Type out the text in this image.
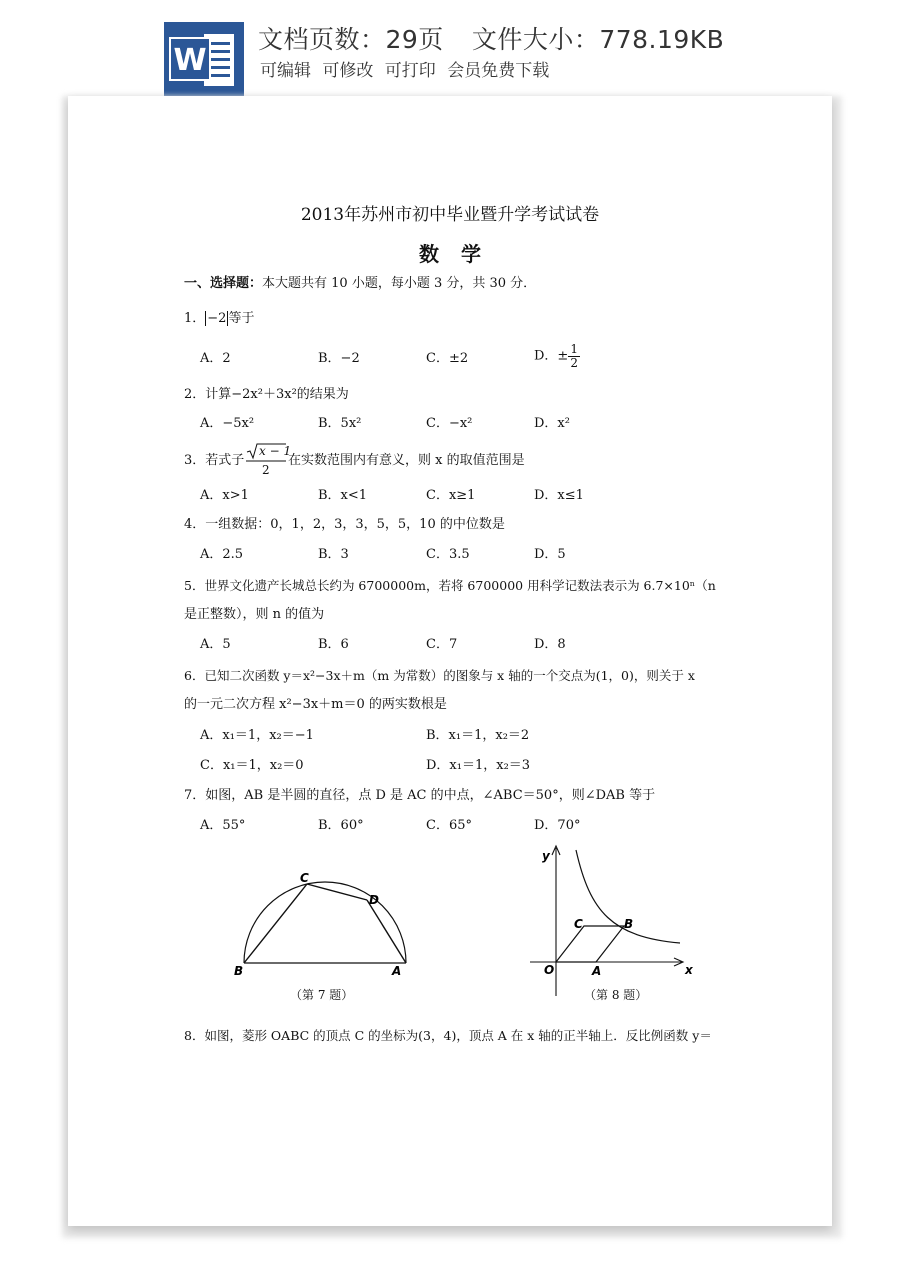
W
文档页数：29页 文件大小：778.19KB
可编辑 可修改 可打印 会员免费下载
2013年苏州市初中毕业暨升学考试试卷
数学
一、选择题：本大题共有 10 小题，每小题 3 分，共 30 分．
1． −2 等于
A．2	B．−2	C．±2	D．± $\frac{1}{2}$
2．计算−2x²＋3x²的结果为
A．−5x²	B．5x²	C．−x²	D．x²
3．若式子
x − 1
2
在实数范围内有意义，则 x 的取值范围是
A．x>1	B．x<1	C．x≥1	D．x≤1
4．一组数据：0，1，2，3，3，5，5，10 的中位数是
A．2.5	B．3	C．3.5	D．5
5．世界文化遗产长城总长约为 6700000m，若将 6700000 用科学记数法表示为 6.7×10ⁿ（n
是正整数），则 n 的值为
A．5	B．6	C．7	D．8
6．已知二次函数 y＝x²−3x＋m（m 为常数）的图象与 x 轴的一个交点为(1，0)，则关于 x
的一元二次方程 x²−3x＋m＝0 的两实数根是
A．x₁＝1，x₂＝−1	B．x₁＝1，x₂＝2
C．x₁＝1，x₂＝0	D．x₁＝1，x₂＝3
7．如图，AB 是半圆的直径，点 D 是 AC 的中点，∠ABC＝50°，则∠DAB 等于
A．55°	B．60°	C．65°	D．70°
B	A
C
D
（第 7 题）
y
x
O	A
B
C
（第 8 题）
8．如图，菱形 OABC 的顶点 C 的坐标为(3，4)，顶点 A 在 x 轴的正半轴上．反比例函数 y＝
